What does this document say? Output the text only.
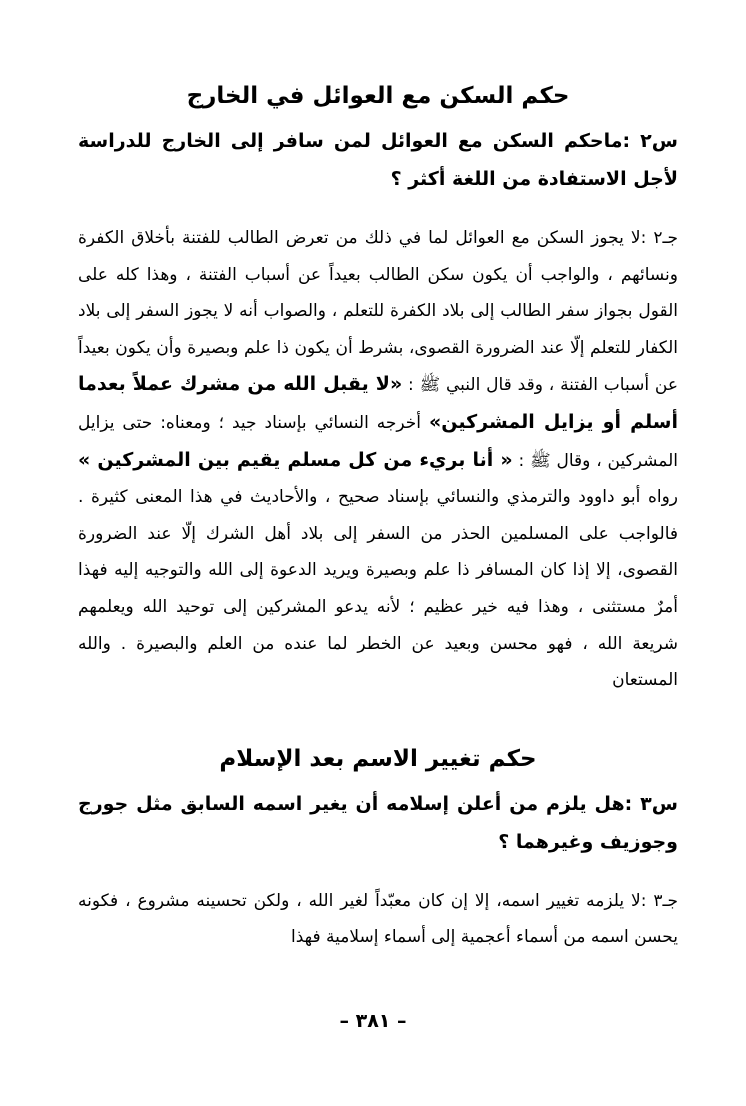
حكم السكن مع العوائل في الخارج

س٢ :ماحكم السكن مع العوائل لمن سافر إلى الخارج للدراسة لأجل الاستفادة من اللغة أكثر ؟

جـ٢ :لا يجوز السكن مع العوائل لما في ذلك من تعرض الطالب للفتنة بأخلاق الكفرة ونسائهم ، والواجب أن يكون سكن الطالب بعيداً عن أسباب الفتنة ، وهذا كله على القول بجواز سفر الطالب إلى بلاد الكفرة للتعلم ، والصواب أنه لا يجوز السفر إلى بلاد الكفار للتعلم إلّا عند الضرورة القصوى، بشرط أن يكون ذا علم وبصيرة وأن يكون بعيداً عن أسباب الفتنة ، وقد قال النبي ﷺ : «لا يقبل الله من مشرك عملاً بعدما أسلم أو يزايل المشركين» أخرجه النسائي بإسناد جيد ؛ ومعناه: حتى يزايل المشركين ، وقال ﷺ : « أنا بريء من كل مسلم يقيم بين المشركين » رواه أبو داوود والترمذي والنسائي بإسناد صحيح ، والأحاديث في هذا المعنى كثيرة . فالواجب على المسلمين الحذر من السفر إلى بلاد أهل الشرك إلّا عند الضرورة القصوى، إلا إذا كان المسافر ذا علم وبصيرة ويريد الدعوة إلى الله والتوجيه إليه فهذا أمرٌ مستثنى ، وهذا فيه خير عظيم ؛ لأنه يدعو المشركين إلى توحيد الله ويعلمهم شريعة الله ، فهو محسن وبعيد عن الخطر لما عنده من العلم والبصيرة . والله المستعان

حكم تغيير الاسم بعد الإسلام

س٣ :هل يلزم من أعلن إسلامه أن يغير اسمه السابق مثل جورج وجوزيف وغيرهما ؟

جـ٣ :لا يلزمه تغيير اسمه، إلا إن كان معبّداً لغير الله ، ولكن تحسينه مشروع ، فكونه يحسن اسمه من أسماء أعجمية إلى أسماء إسلامية فهذا

– ٣٨١ –
